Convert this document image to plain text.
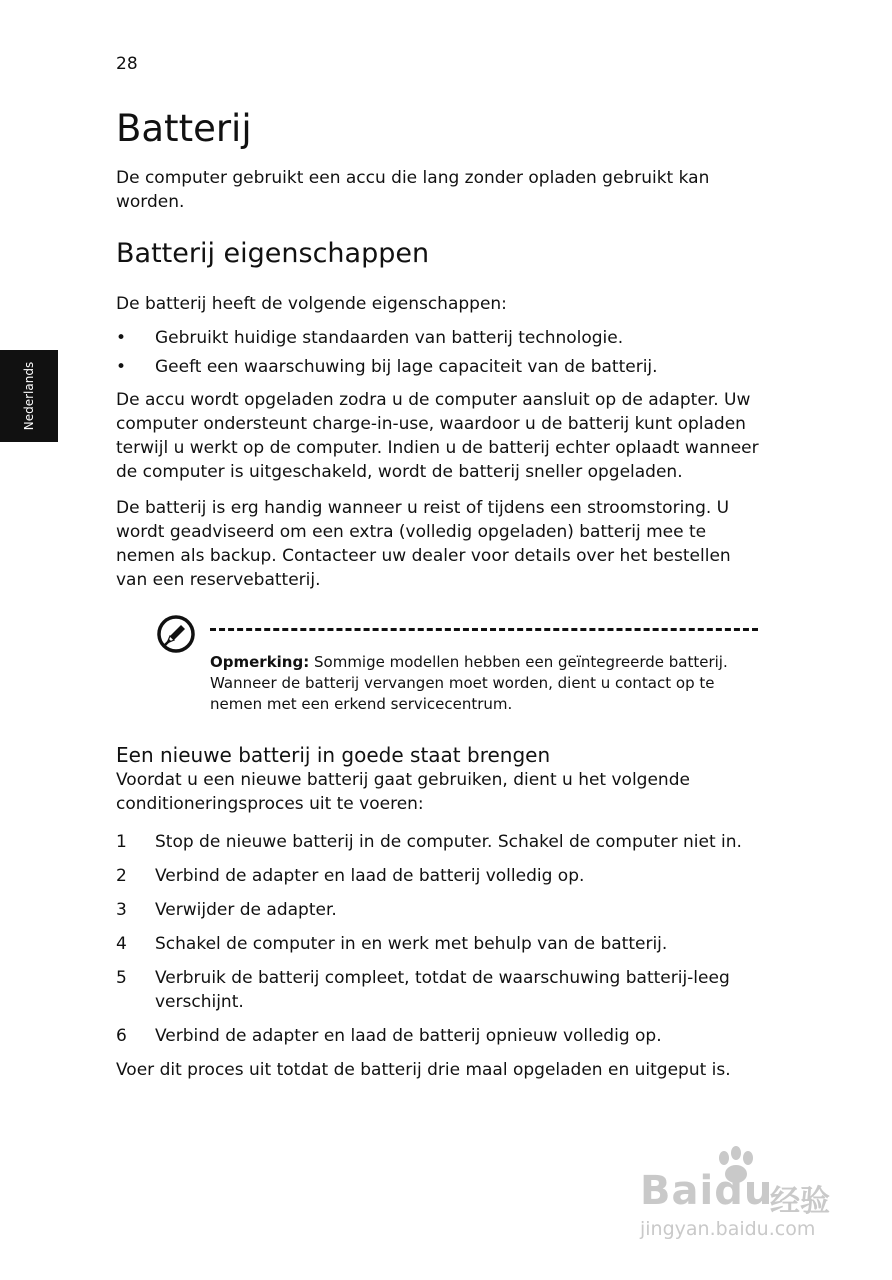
28
Nederlands
Batterij

De computer gebruikt een accu die lang zonder opladen gebruikt kan worden.

Batterij eigenschappen

De batterij heeft de volgende eigenschappen:

• Gebruikt huidige standaarden van batterij technologie.
• Geeft een waarschuwing bij lage capaciteit van de batterij.

De accu wordt opgeladen zodra u de computer aansluit op de adapter. Uw computer ondersteunt charge-in-use, waardoor u de batterij kunt opladen terwijl u werkt op de computer. Indien u de batterij echter oplaadt wanneer de computer is uitgeschakeld, wordt de batterij sneller opgeladen.

De batterij is erg handig wanneer u reist of tijdens een stroomstoring. U wordt geadviseerd om een extra (volledig opgeladen) batterij mee te nemen als backup. Contacteer uw dealer voor details over het bestellen van een reservebatterij.

Opmerking: Sommige modellen hebben een geïntegreerde batterij. Wanneer de batterij vervangen moet worden, dient u contact op te nemen met een erkend servicecentrum.
Een nieuwe batterij in goede staat brengen

Voordat u een nieuwe batterij gaat gebruiken, dient u het volgende conditioneringsproces uit te voeren:

1 Stop de nieuwe batterij in de computer. Schakel de computer niet in.
2 Verbind de adapter en laad de batterij volledig op.
3 Verwijder de adapter.
4 Schakel de computer in en werk met behulp van de batterij.
5 Verbruik de batterij compleet, totdat de waarschuwing batterij-leeg verschijnt.
6 Verbind de adapter en laad de batterij opnieuw volledig op.

Voer dit proces uit totdat de batterij drie maal opgeladen en uitgeput is.

Baidu
经验
jingyan.baidu.com
